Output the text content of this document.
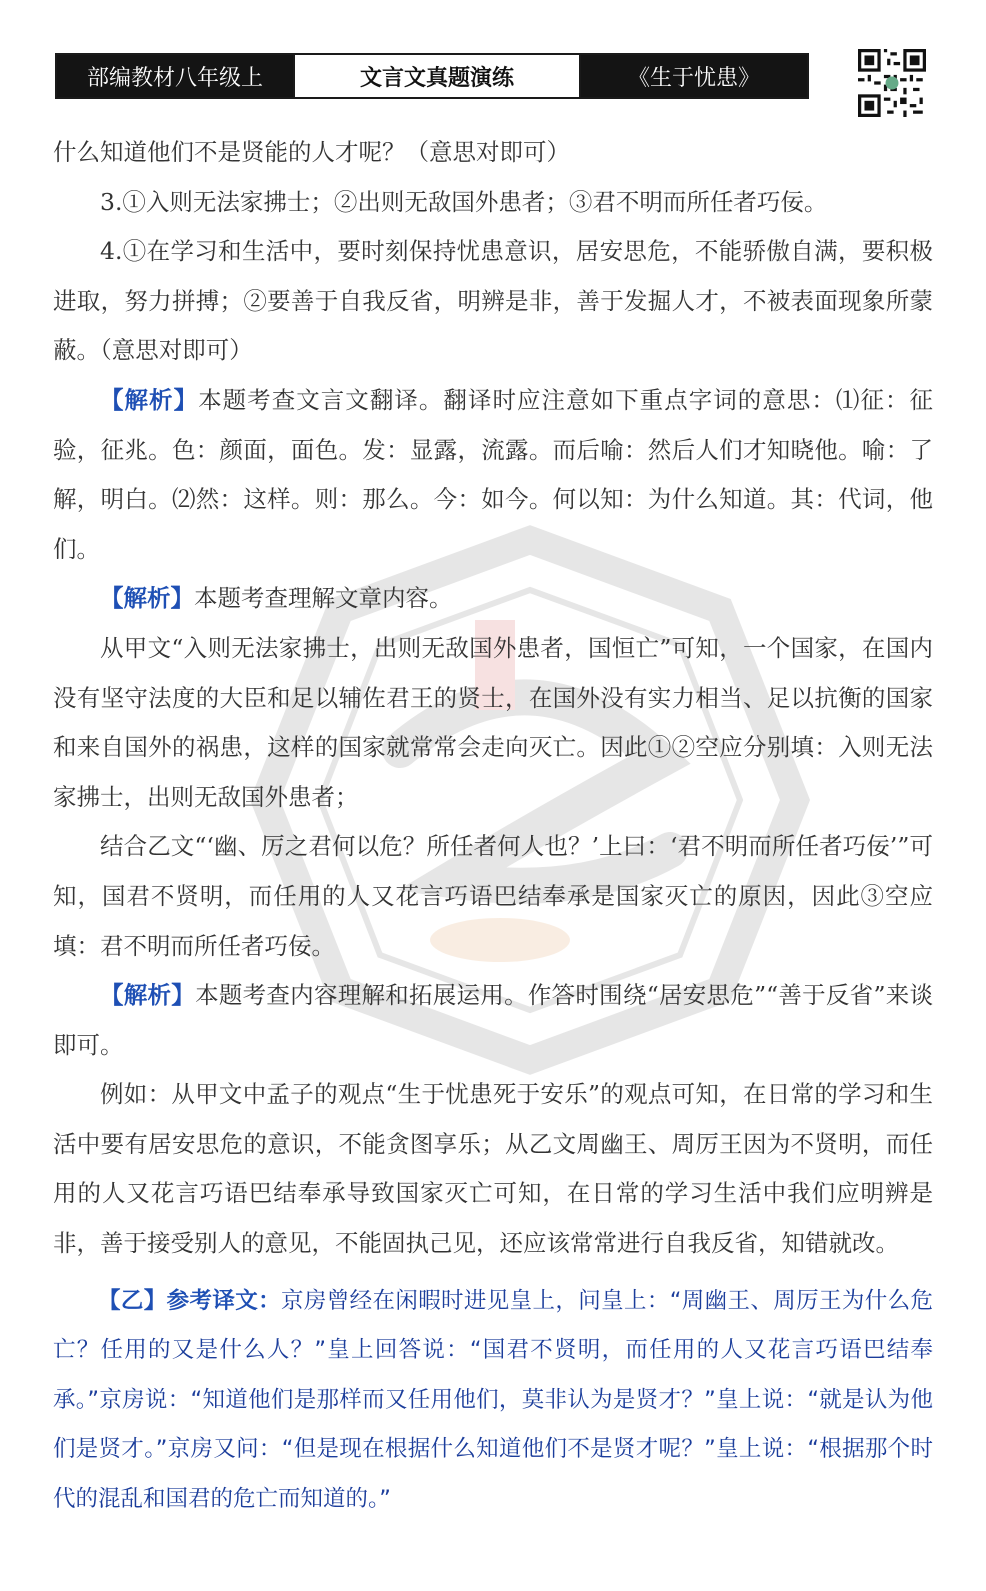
部编教材八年级上	文言文真题演练	《生于忧患》

什么知道他们不是贤能的人才呢？（意思对即可）

3.①入则无法家拂士；②出则无敌国外患者；③君不明而所任者巧佞。

4.①在学习和生活中，要时刻保持忧患意识，居安思危，不能骄傲自满，要积极进取，努力拼搏；②要善于自我反省，明辨是非，善于发掘人才，不被表面现象所蒙蔽。（意思对即可）

【解析】本题考查文言文翻译。翻译时应注意如下重点字词的意思：⑴征：征验，征兆。色：颜面，面色。发：显露，流露。而后喻：然后人们才知晓他。喻：了解，明白。⑵然：这样。则：那么。今：如今。何以知：为什么知道。其：代词，他们。

【解析】本题考查理解文章内容。

从甲文“入则无法家拂士，出则无敌国外患者，国恒亡”可知，一个国家，在国内没有坚守法度的大臣和足以辅佐君王的贤士，在国外没有实力相当、足以抗衡的国家和来自国外的祸患，这样的国家就常常会走向灭亡。因此①②空应分别填：入则无法家拂士，出则无敌国外患者；

结合乙文“‘幽、厉之君何以危？所任者何人也？’上曰：‘君不明而所任者巧佞’”可知，国君不贤明，而任用的人又花言巧语巴结奉承是国家灭亡的原因，因此③空应填：君不明而所任者巧佞。

【解析】本题考查内容理解和拓展运用。作答时围绕“居安思危”“善于反省”来谈即可。

例如：从甲文中孟子的观点“生于忧患死于安乐”的观点可知，在日常的学习和生活中要有居安思危的意识，不能贪图享乐；从乙文周幽王、周厉王因为不贤明，而任用的人又花言巧语巴结奉承导致国家灭亡可知，在日常的学习生活中我们应明辨是非，善于接受别人的意见，不能固执己见，还应该常常进行自我反省，知错就改。

【乙】参考译文：京房曾经在闲暇时进见皇上，问皇上：“周幽王、周厉王为什么危亡？任用的又是什么人？”皇上回答说：“国君不贤明，而任用的人又花言巧语巴结奉承。”京房说：“知道他们是那样而又任用他们，莫非认为是贤才？”皇上说：“就是认为他们是贤才。”京房又问：“但是现在根据什么知道他们不是贤才呢？”皇上说：“根据那个时代的混乱和国君的危亡而知道的。”
